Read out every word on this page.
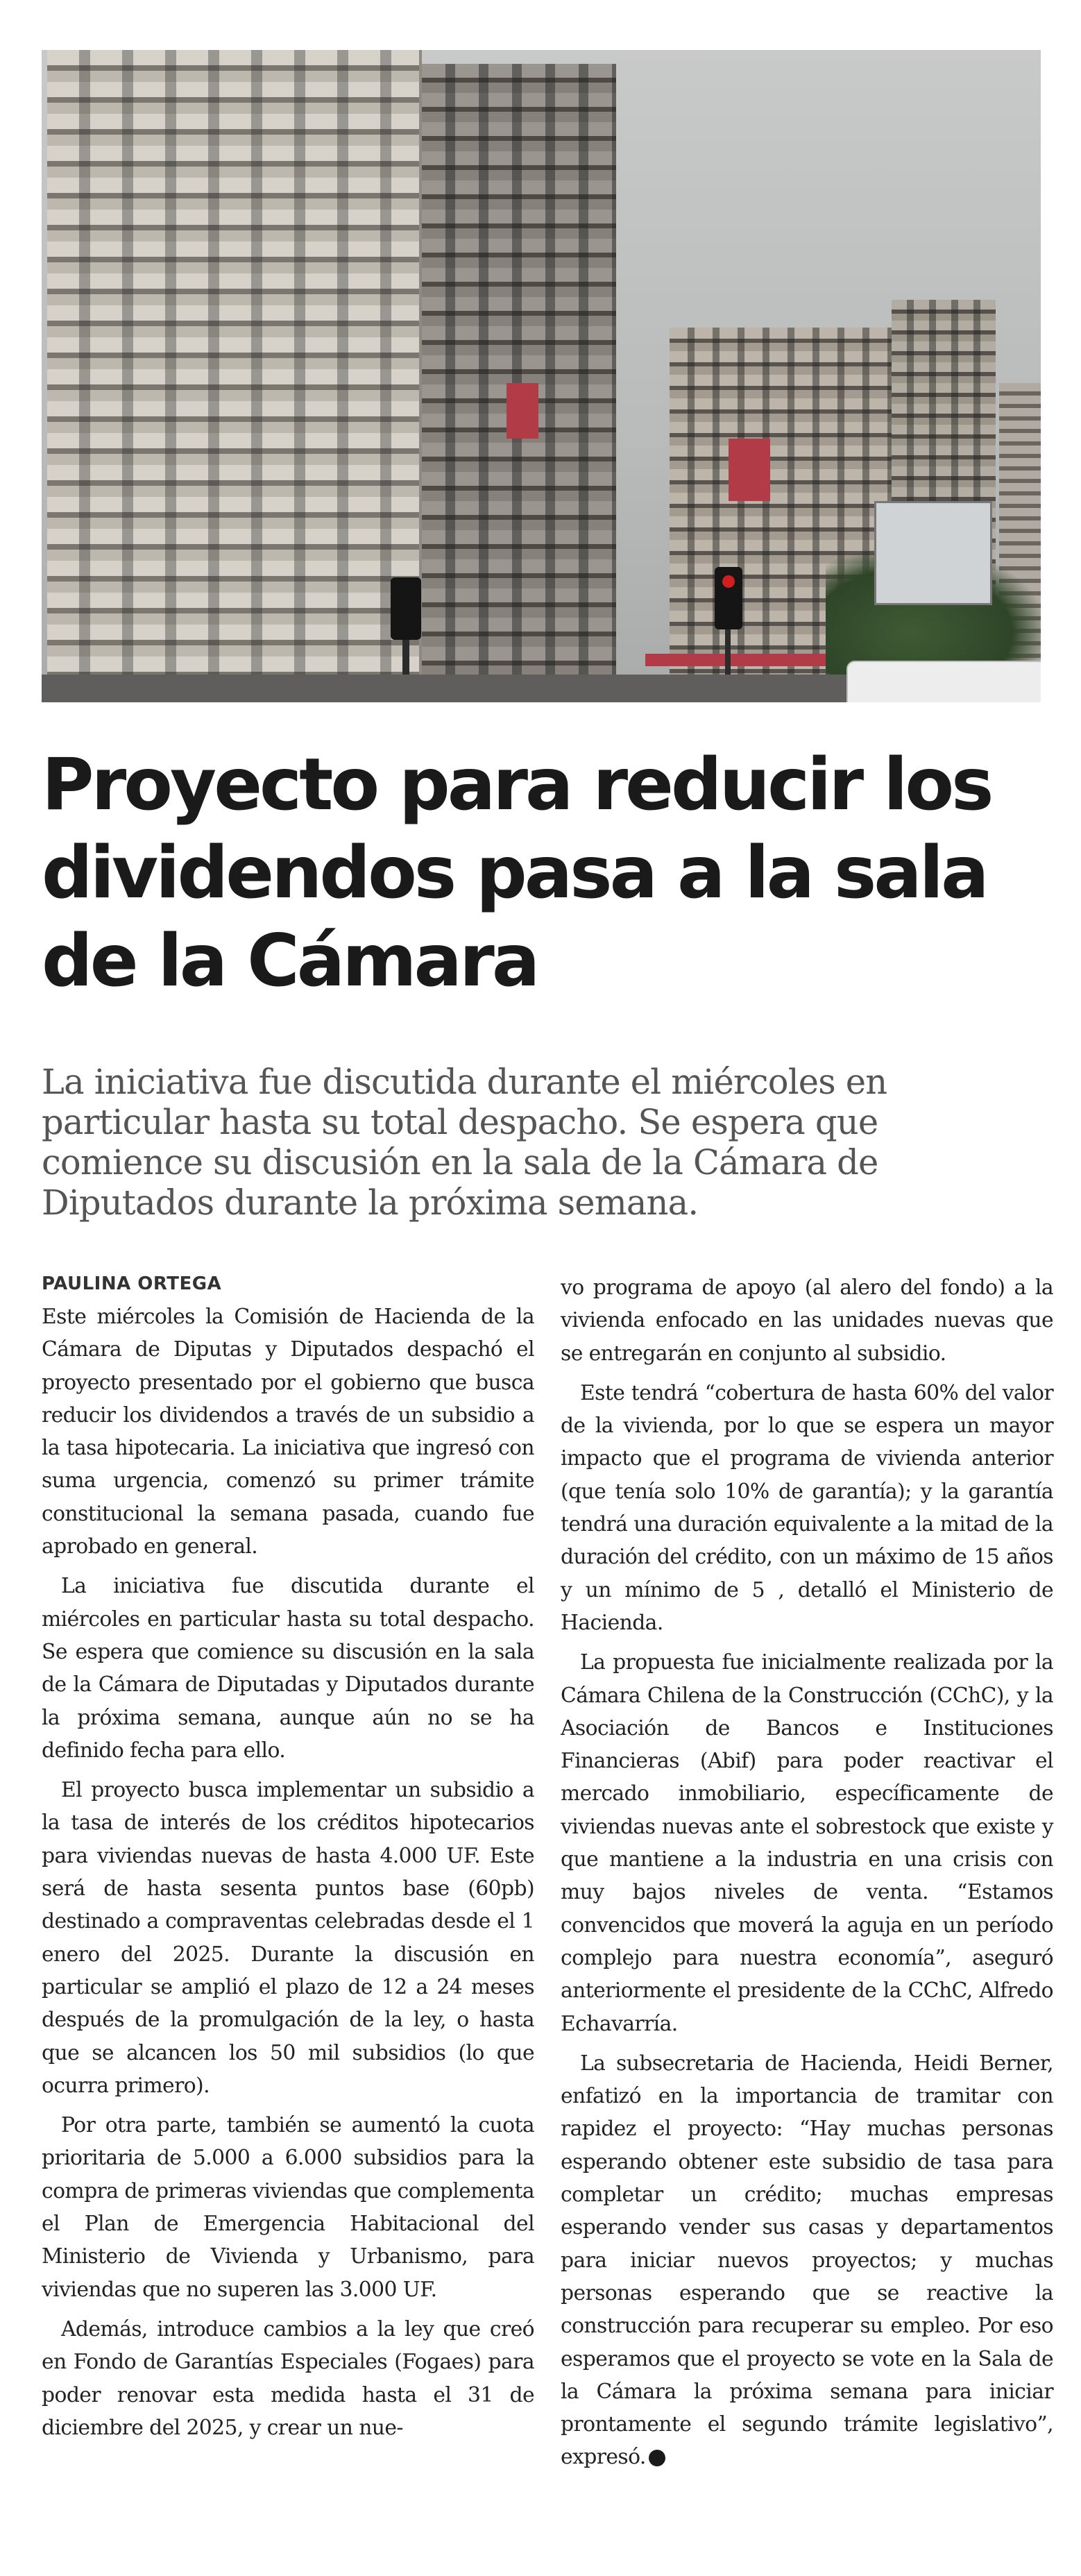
Proyecto para reducir los dividendos pasa a la sala de la Cámara

La iniciativa fue discutida durante el miércoles en particular hasta su total despacho. Se espera que comience su discusión en la sala de la Cámara de Diputados durante la próxima semana.

PAULINA ORTEGA

Este miércoles la Comisión de Hacienda de la Cámara de Diputas y Diputados despachó el proyecto presentado por el gobierno que busca reducir los dividendos a través de un subsidio a la tasa hipotecaria. La iniciativa que ingresó con suma urgencia, comenzó su primer trámite constitucional la semana pasada, cuando fue aprobado en general.

La iniciativa fue discutida durante el miércoles en particular hasta su total despacho. Se espera que comience su discusión en la sala de la Cámara de Diputadas y Diputados durante la próxima semana, aunque aún no se ha definido fecha para ello.

El proyecto busca implementar un subsidio a la tasa de interés de los créditos hipotecarios para viviendas nuevas de hasta 4.000 UF. Este será de hasta sesenta puntos base (60pb) destinado a compraventas celebradas desde el 1 enero del 2025. Durante la discusión en particular se amplió el plazo de 12 a 24 meses después de la promulgación de la ley, o hasta que se alcancen los 50 mil subsidios (lo que ocurra primero).

Por otra parte, también se aumentó la cuota prioritaria de 5.000 a 6.000 subsidios para la compra de primeras viviendas que complementa el Plan de Emergencia Habitacional del Ministerio de Vivienda y Urbanismo, para viviendas que no superen las 3.000 UF.

Además, introduce cambios a la ley que creó en Fondo de Garantías Especiales (Fogaes) para poder renovar esta medida hasta el 31 de diciembre del 2025, y crear un nue-

vo programa de apoyo (al alero del fondo) a la vivienda enfocado en las unidades nuevas que se entregarán en conjunto al subsidio.

Este tendrá “cobertura de hasta 60% del valor de la vivienda, por lo que se espera un mayor impacto que el programa de vivienda anterior (que tenía solo 10% de garantía); y la garantía tendrá una duración equivalente a la mitad de la duración del crédito, con un máximo de 15 años y un mínimo de 5 , detalló el Ministerio de Hacienda.

La propuesta fue inicialmente realizada por la Cámara Chilena de la Construcción (CChC), y la Asociación de Bancos e Instituciones Financieras (Abif) para poder reactivar el mercado inmobiliario, específicamente de viviendas nuevas ante el sobrestock que existe y que mantiene a la industria en una crisis con muy bajos niveles de venta. “Estamos convencidos que moverá la aguja en un período complejo para nuestra economía”, aseguró anteriormente el presidente de la CChC, Alfredo Echavarría.

La subsecretaria de Hacienda, Heidi Berner, enfatizó en la importancia de tramitar con rapidez el proyecto: “Hay muchas personas esperando obtener este subsidio de tasa para completar un crédito; muchas empresas esperando vender sus casas y departamentos para iniciar nuevos proyectos; y muchas personas esperando que se reactive la construcción para recuperar su empleo. Por eso esperamos que el proyecto se vote en la Sala de la Cámara la próxima semana para iniciar prontamente el segundo trámite legislativo”, expresó. P
